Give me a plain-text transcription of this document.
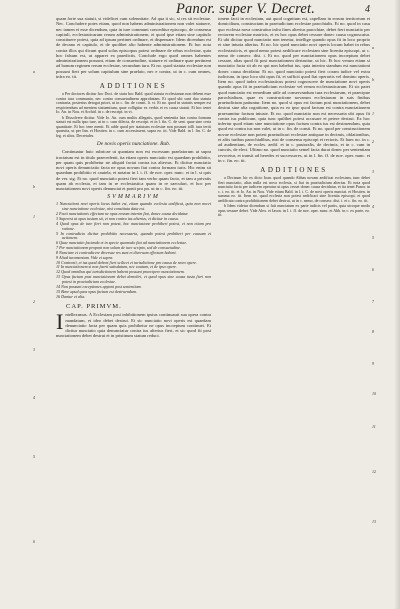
Panor. super V. Decret.	4
a
b
1
2
3
4
5
6
a
b
1
2
3
4
5
6
7
8
9
10
11
12
13

quam forte sua statuit, si videlicet cum solennitate. Ad qua ii sic, si res sit ecclesiae. Nec. Concludere potes etiam, quod non habens administrationem non valet statuere, nec tamen ei esse dicendum, quia in iure communi conceditur episcopo, de consensu capituli, ecclesiasticarum rerum administrationem, et quod ipse etiam sine capitulo constituere potest, quia ad ipsum pertinet ordinare, et dispensare. Idem dicendum est de decano et capitulo, et de quolibet alio habente administrationem. Et hoc nota contra illos qui dicunt quod solus episcopus potest ordinare de rebus ecclesiae, quia hoc falsum est, ut apparet ex praedictis. Conclude ergo quod omnes habentes administrationem possunt, etiam de consuetudine, statuere et ordinare quae pertinent ad bonum regimen rerum ecclesiae, secundum iura. Et no. quod statuta ecclesiae non possunt fieri per solum capitulum sine praelato, nec e contra, ut in c. cum omnes, infra eo. tit.

ADDITIONES

a Per doctores dicitur hoc Doct. de statu hoc Bald. quod statuta ecclesiarum non debent esse contra iura communia, nec contra consuetudinem approbatam. Et quod ubi sunt duo statuta contraria, posterius derogat priori, ut in c. fin. de consti. li. vi. Et no. quod in statutis semper est respiciendum ad mentem statuentium, quae colligitur ex verbis et ex causa statuti. Et hoc tenet Io. An. in Nou. et Archid. in c. de rescript. in vi.

b Dissolvere dicitur. Vide Io. An. cum multis allegatis, quod sententia lata contra formam statuti est nulla ipso iure, ut in c. cum dilecta, de rescript. et in l. fin. C. de sent. quae sine certa quantitate. Et hoc tene menti. Et adde quod per statutum ecclesiae non possunt tolli iura tertii quaesita, ut per Inn. et Hostien. in c. cum accessissent, supra eo. tit. Vide Bald. in l. fin. C. de leg. et alios. Decretales.

De novis operis nunciatione. Rub.

Continuatur huic rubricae ut quoniam non est excessum praelatorum ut supra tractatum est in titulo praecedenti, ita etiam operis nunciatio est quaedam prohibitio, per quam quis prohibetur ne aliquid faciat contra ius alterius. Et dicitur nunciatio novi operis denunciatio facta ne opus novum fiat contra formam iuris. Hic enim sit quaedam prohibitio et cautela, et notatur in l. i. ff. de nov. oper. nunc. et in l. si quis de ver. sig. Et no. quod nunciatio potest fieri tam verbo quam facto, et tam a privatis quam ab ecclesia, et tam in re ecclesiastica quam in re saeculari, et hoc per nunciationem novi operis denunciat et ponit pro pn. ut in c. fin. eo. tit.

SVMMARIVM

1 Nunciationi novi operis locus habet est, etiam quando ecclesia aedificat, quia non nocet sine nunciatione ecclesiae, nisi constituta data est.

2 Facit nunciationis effectum ne opus novum interim fiat, donec causa decidatur.

3 Superest ut opus iustum sit, et non contra ius alterius, et dicitur in causa.

4 Quod opus de iure fieri non potest, hoc nunciatione prohiberi potest, et non etiam pro ratione.

5 In contradicto dicitur prohibitio necessaria, quando potest prohiberi per causam et actionem.

6 Quae nunciatio facienda et in specie quomodo fiat ad nunciationem ecclesiae.

7 Per nunciationem proponi non solum de iure scripto, sed de consuetudine.

8 Nunciare et contradicere diversae res sunt et diversum effectum habent.

9 Aliud iuramentum. Vide et supra.

10 Contrarii, et ius quod debent fieri scilicet et iurisdictione pro causa de novo opere.

11 In nunciationem si non fuerit satisdatum, nec cautum, et de ipso opere.

12 Quod omnibus qui iurisdictionem habent possunt praecipere nunciationem.

13 Opus factum post nunciationem debet demoliri, et quod opus sine causa iusta fieri non potest in praeiudicium ecclesiae.

14 Non possunt exceptiones apponi post sententiam.

15 Bene apud quos opus factum est destruendum.

16 Dantur et alia.

CAP. PRIMVM.
I ntellexımus. A Ecclesiam post inhibitionem ipsius continuauit sua opera contra mandatum, et ideo debet destrui. Et sic nunciatio novi operis est quaedam denunciatio facta per quam quis prohibetur ne opus incoeptum continuet. Et dicitur nunciatio quia denunciatur contra ius alterius fieri, et sic quod fit post nunciationem debet destrui et in pristinum statum reduci.

tonem facti in ecclesiam, aut quod cognitum est, capellam in eorum territorium et domicilium, constructam in praeiudicium ecclesiae parochialis. Et no. quod in casu quo ecclesia nova construitur infra fines alterius parochiae, debet fieri nunciatio per rectorem ecclesiae matricis, et ex hoc opus debet cessare donec causa cognoscatur. Et ubi dicitur quod nunciatio non tenetur, intellige quando opus fit in loco proprio et sine iniuria alterius. Et no. hic quod nunciatio novi operis locum habet in rebus ecclesiasticis, et quod nemo potest aedificare ecclesiam sine licentia episcopi, ut c. nemo de consecr. dist. i. Et no. quod per nunciationem opus incoeptum debet cessare, alias quod fit post nunciationem destruitur, ut hic. Et hoc verum etiam si nunciatio facta sit ab eo qui non habebat ius, quia interim standum est nunciationi donec causa decidatur. Et no. quod nunciatio potest fieri coram iudice vel extra iudicium, in ipso loco ubi opus fit, et sufficit quod fiat operariis vel domino operis. Item no. quod iudex ecclesiasticus potest cognoscere de nunciatione novi operis quando opus fit in praeiudicium ecclesiae vel rerum ecclesiasticarum. Et sic patet quod nunciatio est remedium utile ad conservandum iura ecclesiarum, et praecipue parochialium, quae ex constructione novarum ecclesiarum in suis finibus praeiudicium patiuntur. Item no. quod si opus est factum post nunciationem, debet destrui sine alia cognitione, quia ex eo ipso quod factum est contra nunciationem praesumitur factum iniuste. Et no. quod nunciatio non est necessaria ubi opus fit contra ius publicum, quia tunc quilibet potest accusare et petere destrui. Ex hoc infertur quod etiam sine nunciatione opus factum contra ius est destruendum, quia quod est contra ius non valet, ut in c. fin. de consti. Et no. quod per constructionem novae ecclesiae non potest praeiudicari ecclesiae antiquae in decimis, oblationibus, et aliis iuribus parochialibus, nisi de consensu episcopi et rectoris. Et haec no. in c. ad audientiam, de eccles. aedif. et in c. pastoralis, de decimis, et in c. cum in cunctis, de elect. Ultimo no. quod nunciatio semel facta durat donec per sententiam revocetur, et transit ad heredes et successores, ut in l. fin. ff. de nov. oper. nunc. et in c. fin. eo. tit.

ADDITIONES

a Decisum hic ex dicto Ioan. quod quando Abbas novam aedificat ecclesiam, tunc debet fieri nunciatio, alias nulla est nova ecclesia, si fiat in praeiudicium alterius. Et nota quod nunciatio facta per iudicem operatur ut opus cesset donec causa decidatur, et ita tenet Panor. in c. i. eo. tit. et Io. An. in Nou. Vide etiam Bald. in l. i. C. de novi operis nunciat. et Hostien. in summa eo. tit. Item no. quod ecclesia non potest aedificari sine licentia episcopi, et quod aedificata contra prohibitionem debet destrui, ut in c. nemo, de consecr. dist. i. et c. fin. eo. tit.

b Idem videtur dicendum si fuit nunciatum ex parte iudicis vel partis, quia utroque modo opus cessare debet. Vide Alex. et Iason. in l. i. ff. de nov. oper. nunc. et Abb. in c. ex parte, eo. tit.
